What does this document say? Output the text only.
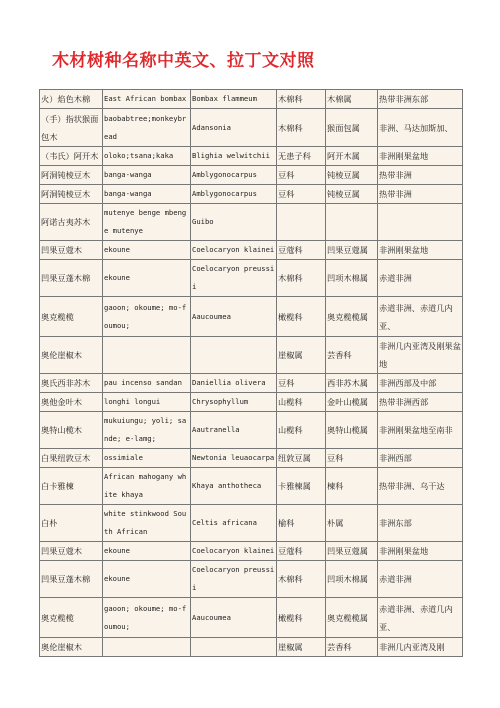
木材树种名称中英文、拉丁文对照
火）焰色木棉	East African bombax	Bombax flammeum	木棉科	木棉属	热带非洲东部
（手）指状猴面包木	baobabtree;monkeybread	Adansonia	木棉科	猴面包属	非洲、马达加斯加、
（韦氏）阿开木	oloko;tsana;kaka	Blighia welwitchii	无患子科	阿开木属	非洲刚果盆地
阿洞钝棱豆木	banga-wanga	Amblygonocarpus	豆科	钝棱豆属	热带非洲
阿洞钝棱豆木	banga-wanga	Amblygonocarpus	豆科	钝棱豆属	热带非洲
阿诺古夷苏木	mutenye benge mbenge mutenye	Guibo			
凹果豆蔻木	ekoune	Coelocaryon klainei	豆蔻科	凹果豆蔻属	非洲刚果盆地
凹果豆蓬木棉	ekoune	Coelocaryon preussii	木棉科	凹项木棉属	赤道非洲
奥克榄榄	gaoon; okoume; mo-foumou;	Aaucoumea	橄榄科	奥克榄榄属	赤道非洲、赤道几内亚、
奥伦崖椒木			崖椒属	芸香科	非洲几内亚湾及刚果盆地
奥氏西非苏木	pau incenso sandan	Daniellia olivera	豆科	西非苏木属	非洲西部及中部
奥他金叶木	longhi longui	Chrysophyllum	山榄科	金叶山榄属	热带非洲西部
奥特山榄木	mukuiungu; yoli; sande; e-lamg;	Aautranella	山榄科	奥特山榄属	非洲刚果盆地至南非
白果纽敦豆木	ossimiale	Newtonia leuaocarpa	纽敦豆属	豆科	非洲西部
白卡雅楝	African mahogany white khaya	Khaya anthotheca	卡雅楝属	楝科	热带非洲、乌干达
白朴	white stinkwood South African	Celtis africana	榆科	朴属	非洲东部
凹果豆蔻木	ekoune	Coelocaryon klainei	豆蔻科	凹果豆蔻属	非洲刚果盆地
凹果豆蓬木棉	ekoune	Coelocaryon preussii	木棉科	凹项木棉属	赤道非洲
奥克榄榄	gaoon; okoume; mo-foumou;	Aaucoumea	橄榄科	奥克榄榄属	赤道非洲、赤道几内亚、
奥伦崖椒木			崖椒属	芸香科	非洲几内亚湾及刚
